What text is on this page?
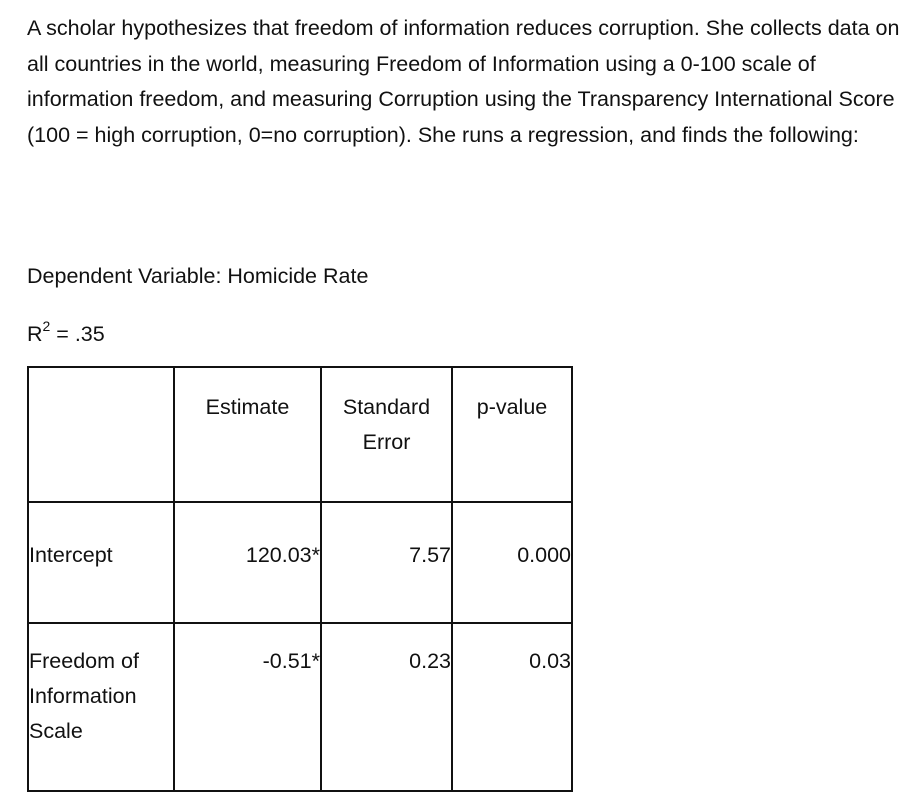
A scholar hypothesizes that freedom of information reduces corruption. She collects data on all countries in the world, measuring Freedom of Information using a 0-100 scale of information freedom, and measuring Corruption using the Transparency International Score (100 = high corruption, 0=no corruption). She runs a regression, and finds the following:

Dependent Variable: Homicide Rate

$R^2 = .35$

	Estimate	Standard Error	p-value
Intercept	120.03*	7.57	0.000
Freedom of Information Scale	-0.51*	0.23	0.03
